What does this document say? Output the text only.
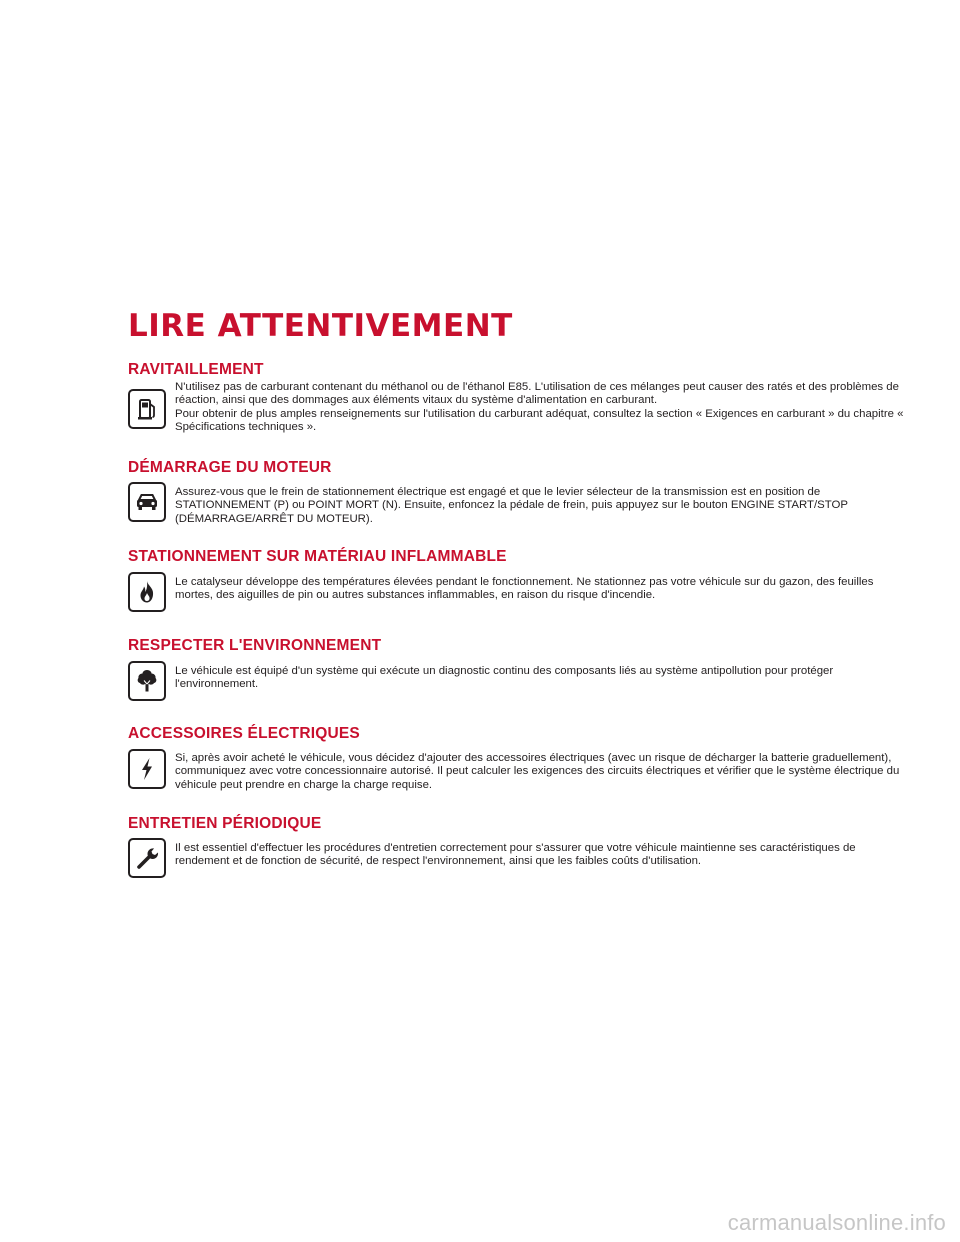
LIRE ATTENTIVEMENT
RAVITAILLEMENT

N'utilisez pas de carburant contenant du méthanol ou de l'éthanol E85. L'utilisation de ces mélanges peut causer des ratés et des problèmes de réaction, ainsi que des dommages aux éléments vitaux du système d'alimentation en carburant.

Pour obtenir de plus amples renseignements sur l'utilisation du carburant adéquat, consultez la section « Exigences en carburant » du chapitre « Spécifications techniques ».

DÉMARRAGE DU MOTEUR

Assurez-vous que le frein de stationnement électrique est engagé et que le levier sélecteur de la transmission est en position de STATIONNEMENT (P) ou POINT MORT (N). Ensuite, enfoncez la pédale de frein, puis appuyez sur le bouton ENGINE START/STOP (DÉMARRAGE/ARRÊT DU MOTEUR).

STATIONNEMENT SUR MATÉRIAU INFLAMMABLE

Le catalyseur développe des températures élevées pendant le fonctionnement. Ne stationnez pas votre véhicule sur du gazon, des feuilles mortes, des aiguilles de pin ou autres substances inflammables, en raison du risque d'incendie.

RESPECTER L'ENVIRONNEMENT

Le véhicule est équipé d'un système qui exécute un diagnostic continu des composants liés au système antipollution pour protéger l'environnement.

ACCESSOIRES ÉLECTRIQUES

Si, après avoir acheté le véhicule, vous décidez d'ajouter des accessoires électriques (avec un risque de décharger la batterie graduellement), communiquez avec votre concessionnaire autorisé. Il peut calculer les exigences des circuits électriques et vérifier que le système électrique du véhicule peut prendre en charge la charge requise.

ENTRETIEN PÉRIODIQUE

Il est essentiel d'effectuer les procédures d'entretien correctement pour s'assurer que votre véhicule maintienne ses caractéristiques de rendement et de fonction de sécurité, de respect l'environnement, ainsi que les faibles coûts d'utilisation.

carmanualsonline.info
